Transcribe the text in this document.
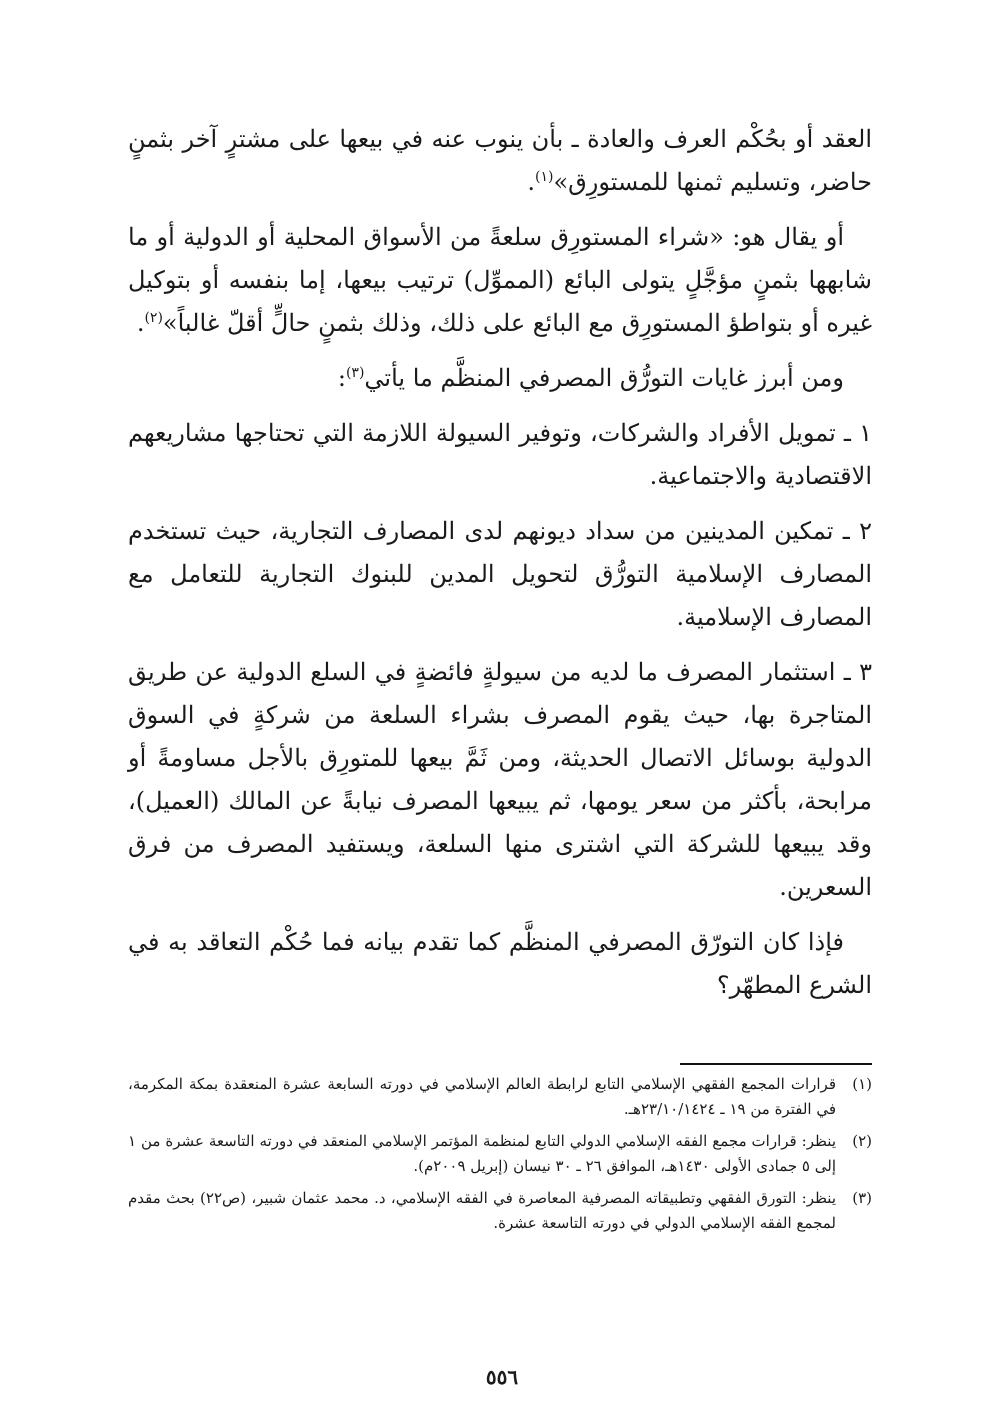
العقد أو بحُكْم العرف والعادة ـ بأن ينوب عنه في بيعها على مشترٍ آخر بثمنٍ حاضر، وتسليم ثمنها للمستورِق»$^{(١)}$.

أو يقال هو: «شراء المستورِق سلعةً من الأسواق المحلية أو الدولية أو ما شابهها بثمنٍ مؤجَّلٍ يتولى البائع (المموِّل) ترتيب بيعها، إما بنفسه أو بتوكيل غيره أو بتواطؤ المستورِق مع البائع على ذلك، وذلك بثمنٍ حالٍّ أقلّ غالباً»$^{(٢)}$.

ومن أبرز غايات التورُّق المصرفي المنظَّم ما يأتي$^{(٣)}$:

١ ـ تمويل الأفراد والشركات، وتوفير السيولة اللازمة التي تحتاجها مشاريعهم الاقتصادية والاجتماعية.

٢ ـ تمكين المدينين من سداد ديونهم لدى المصارف التجارية، حيث تستخدم المصارف الإسلامية التورُّق لتحويل المدين للبنوك التجارية للتعامل مع المصارف الإسلامية.

٣ ـ استثمار المصرف ما لديه من سيولةٍ فائضةٍ في السلع الدولية عن طريق المتاجرة بها، حيث يقوم المصرف بشراء السلعة من شركةٍ في السوق الدولية بوسائل الاتصال الحديثة، ومن ثَمَّ بيعها للمتورِق بالأجل مساومةً أو مرابحة، بأكثر من سعر يومها، ثم يبيعها المصرف نيابةً عن المالك (العميل)، وقد يبيعها للشركة التي اشترى منها السلعة، ويستفيد المصرف من فرق السعرين.

فإذا كان التورّق المصرفي المنظَّم كما تقدم بيانه فما حُكْم التعاقد به في الشرع المطهّر؟

(١)
قرارات المجمع الفقهي الإسلامي التابع لرابطة العالم الإسلامي في دورته السابعة عشرة المنعقدة بمكة المكرمة، في الفترة من ١٩ ـ ٢٣/١٠/١٤٢٤هـ.
(٢)
ينظر: قرارات مجمع الفقه الإسلامي الدولي التابع لمنظمة المؤتمر الإسلامي المنعقد في دورته التاسعة عشرة من ١ إلى ٥ جمادى الأولى ١٤٣٠هـ، الموافق ٢٦ ـ ٣٠ نيسان (إبريل ٢٠٠٩م).
(٣)
ينظر: التورق الفقهي وتطبيقاته المصرفية المعاصرة في الفقه الإسلامي، د. محمد عثمان شبير، (ص٢٢) بحث مقدم لمجمع الفقه الإسلامي الدولي في دورته التاسعة عشرة.
٥٥٦
